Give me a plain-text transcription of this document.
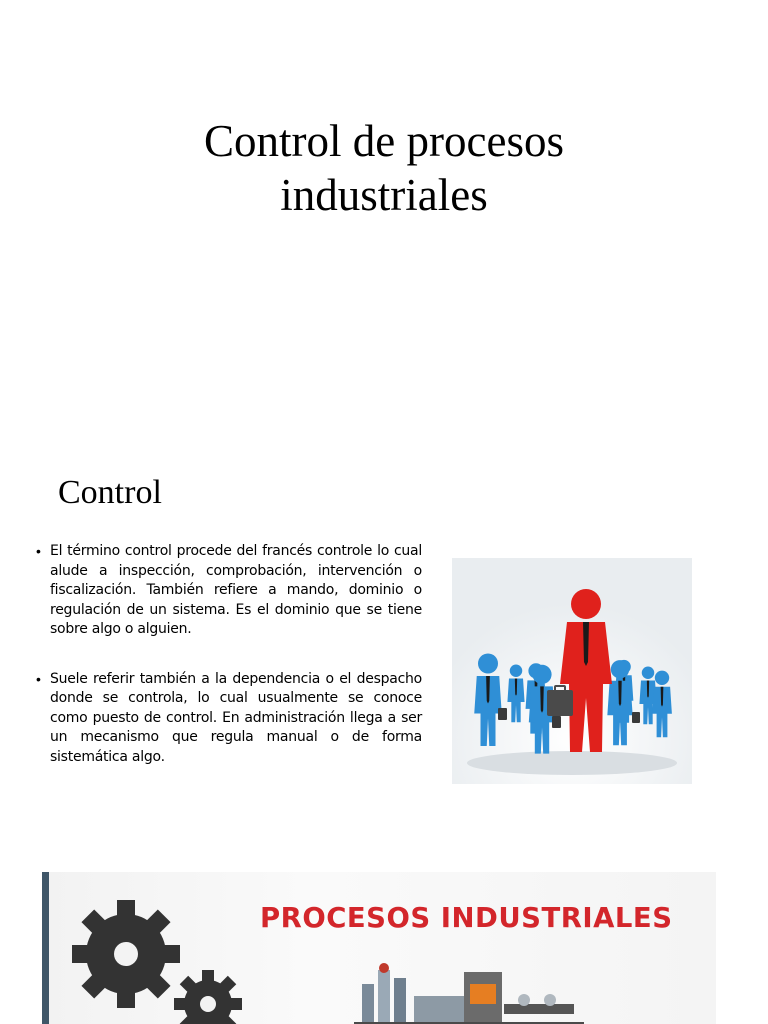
Control de procesos
industriales
Control
• El término control procede del francés controle lo cual alude a inspección, comprobación, intervención o fiscalización. También refiere a mando, dominio o regulación de un sistema. Es el dominio que se tiene sobre algo o alguien.
• Suele referir también a la dependencia o el despacho donde se controla, lo cual usualmente se conoce como puesto de control. En administración llega a ser un mecanismo que regula manual o de forma sistemática algo.
PROCESOS INDUSTRIALES
